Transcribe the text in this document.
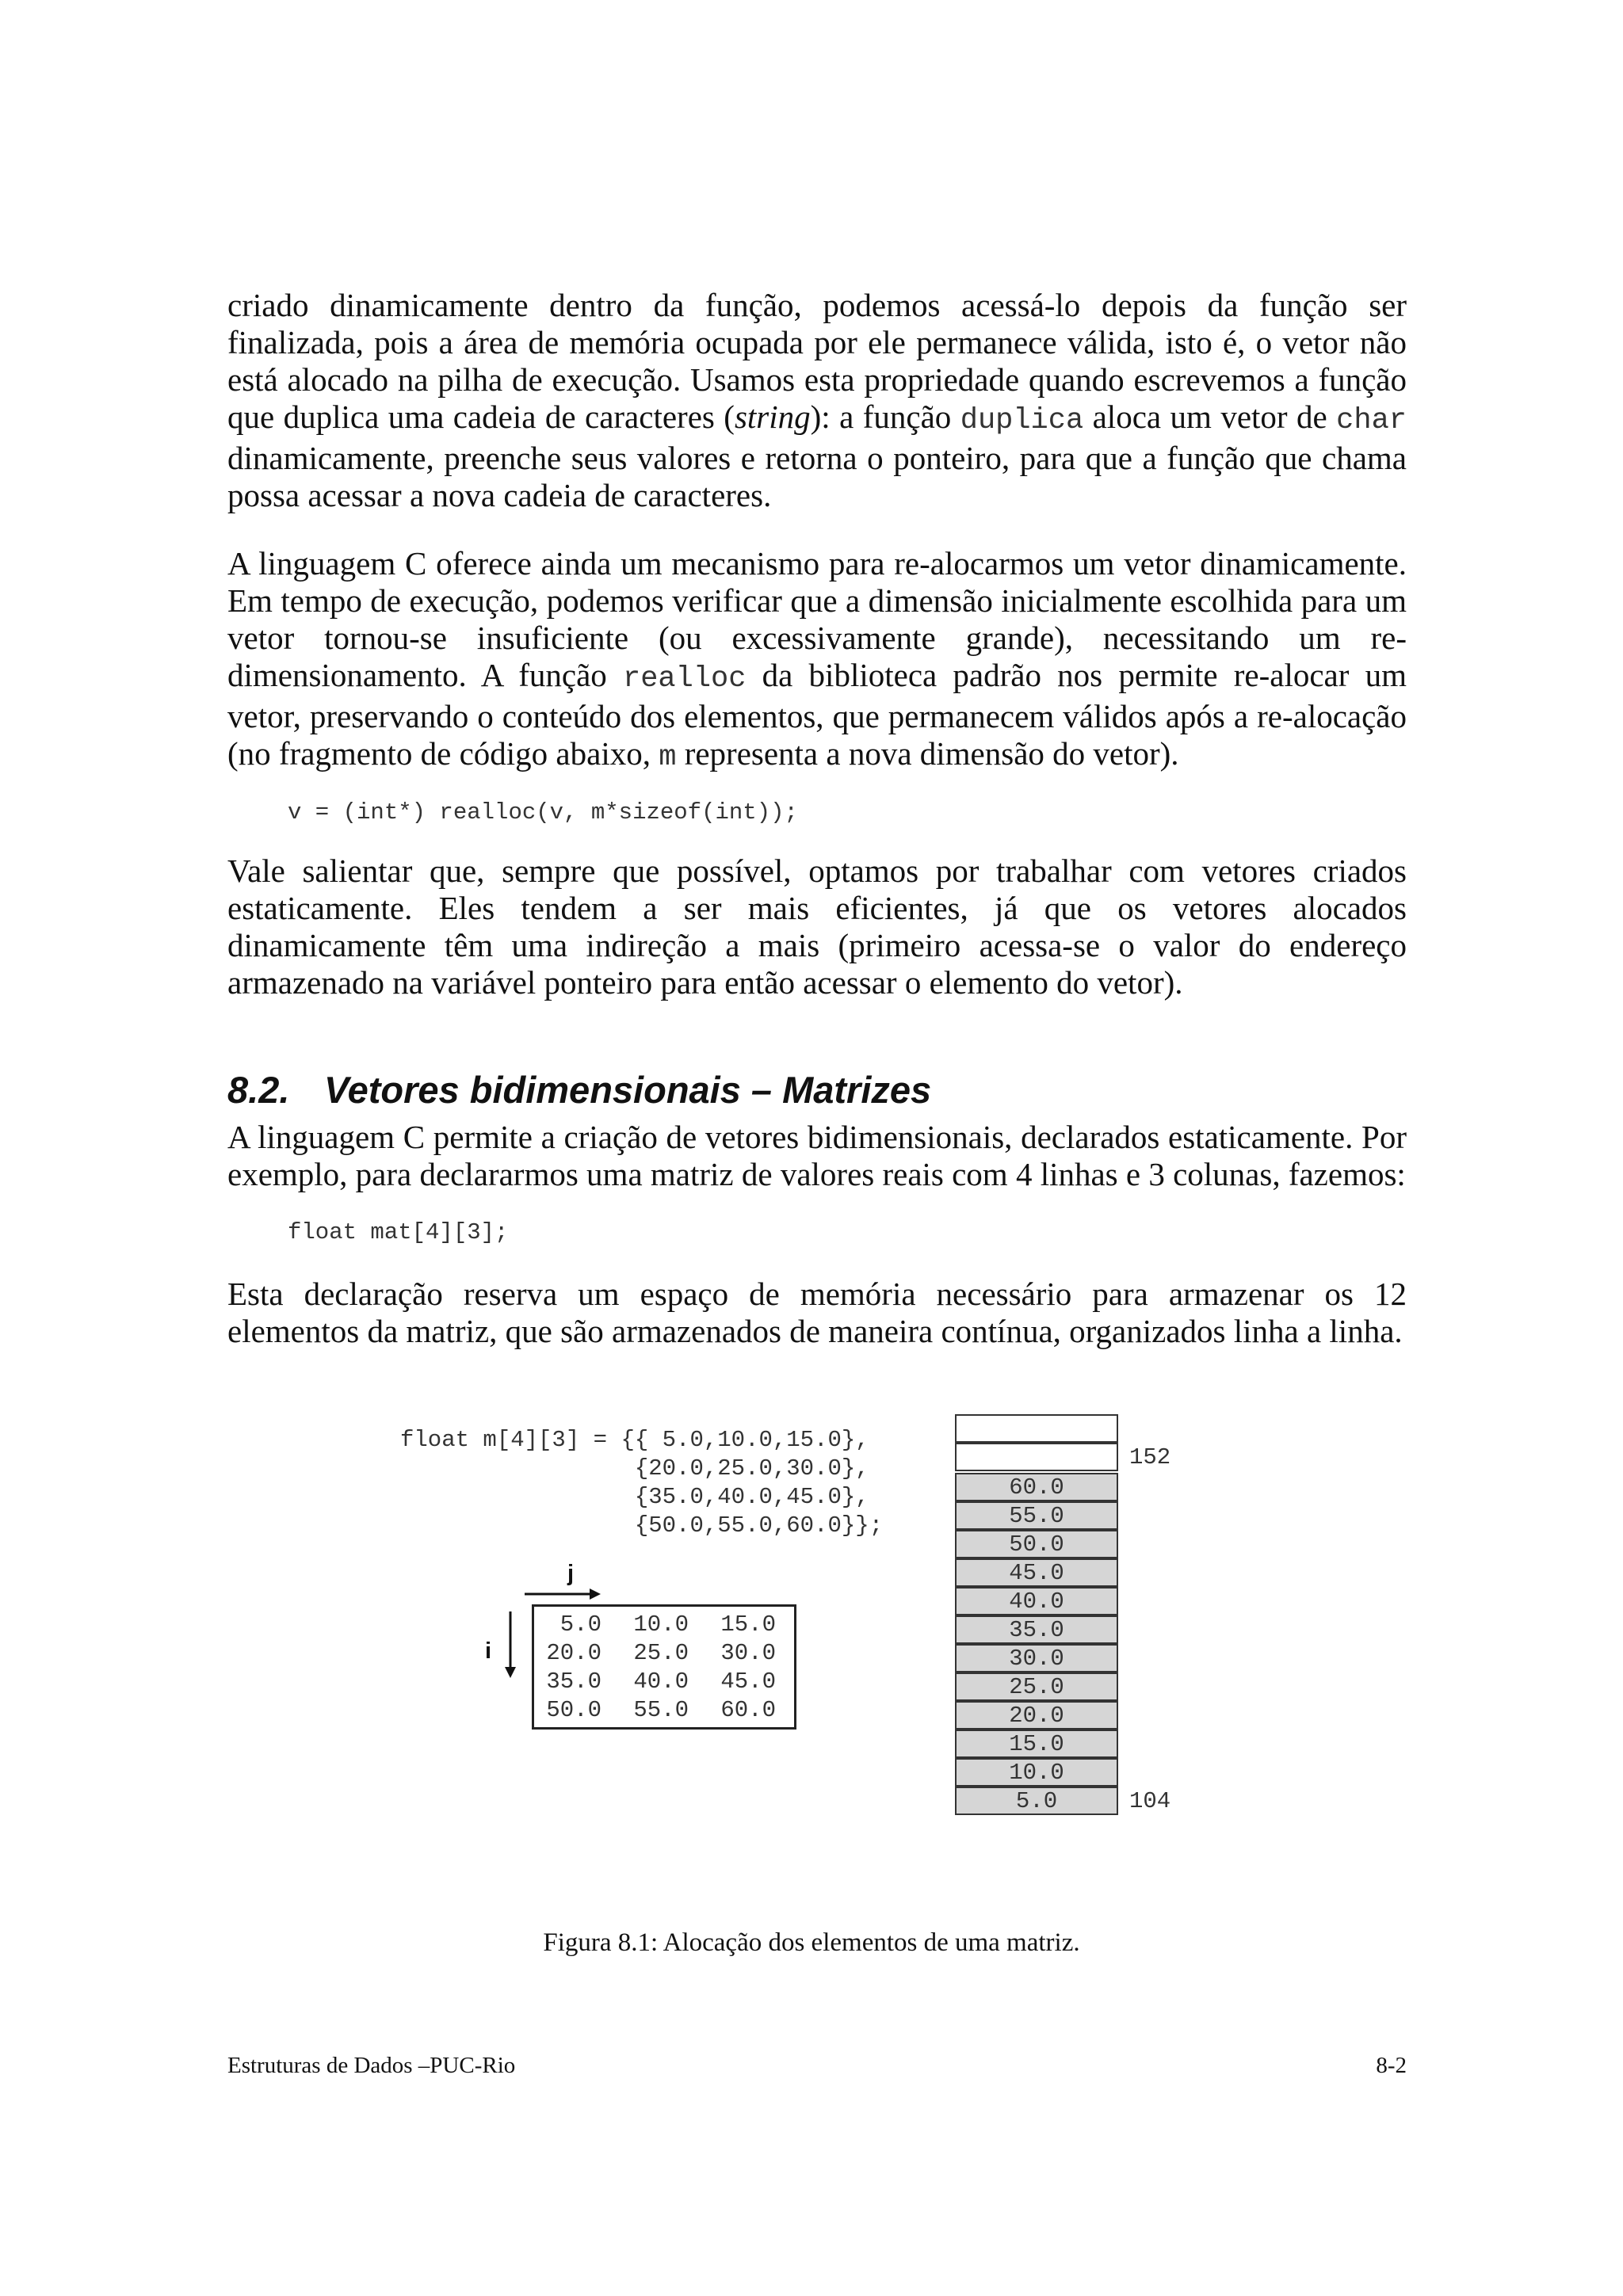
criado dinamicamente dentro da função, podemos acessá-lo depois da função ser finalizada, pois a área de memória ocupada por ele permanece válida, isto é, o vetor não está alocado na pilha de execução. Usamos esta propriedade quando escrevemos a função que duplica uma cadeia de caracteres (string): a função duplica aloca um vetor de char dinamicamente, preenche seus valores e retorna o ponteiro, para que a função que chama possa acessar a nova cadeia de caracteres.

A linguagem C oferece ainda um mecanismo para re-alocarmos um vetor dinamicamente. Em tempo de execução, podemos verificar que a dimensão inicialmente escolhida para um vetor tornou-se insuficiente (ou excessivamente grande), necessitando um re-dimensionamento. A função realloc da biblioteca padrão nos permite re-alocar um vetor, preservando o conteúdo dos elementos, que permanecem válidos após a re-alocação (no fragmento de código abaixo, m representa a nova dimensão do vetor).

v = (int*) realloc(v, m*sizeof(int));

Vale salientar que, sempre que possível, optamos por trabalhar com vetores criados estaticamente. Eles tendem a ser mais eficientes, já que os vetores alocados dinamicamente têm uma indireção a mais (primeiro acessa-se o valor do endereço armazenado na variável ponteiro para então acessar o elemento do vetor).

8.2. Vetores bidimensionais – Matrizes

A linguagem C permite a criação de vetores bidimensionais, declarados estaticamente. Por exemplo, para declararmos uma matriz de valores reais com 4 linhas e 3 colunas, fazemos:

float mat[4][3];

Esta declaração reserva um espaço de memória necessário para armazenar os 12 elementos da matriz, que são armazenados de maneira contínua, organizados linha a linha.

float m[4][3] = {{ 5.0,10.0,15.0},
{20.0,25.0,30.0},
{35.0,40.0,45.0},
{50.0,55.0,60.0}};
j
i
5.0 10.0 15.0
20.0 25.0 30.0
35.0 40.0 45.0
50.0 55.0 60.0
60.0
55.0
50.0
45.0
40.0
35.0
30.0
25.0
20.0
15.0
10.0
5.0
152
104

Figura 8.1: Alocação dos elementos de uma matriz.

Estruturas de Dados –PUC-Rio	8-2
